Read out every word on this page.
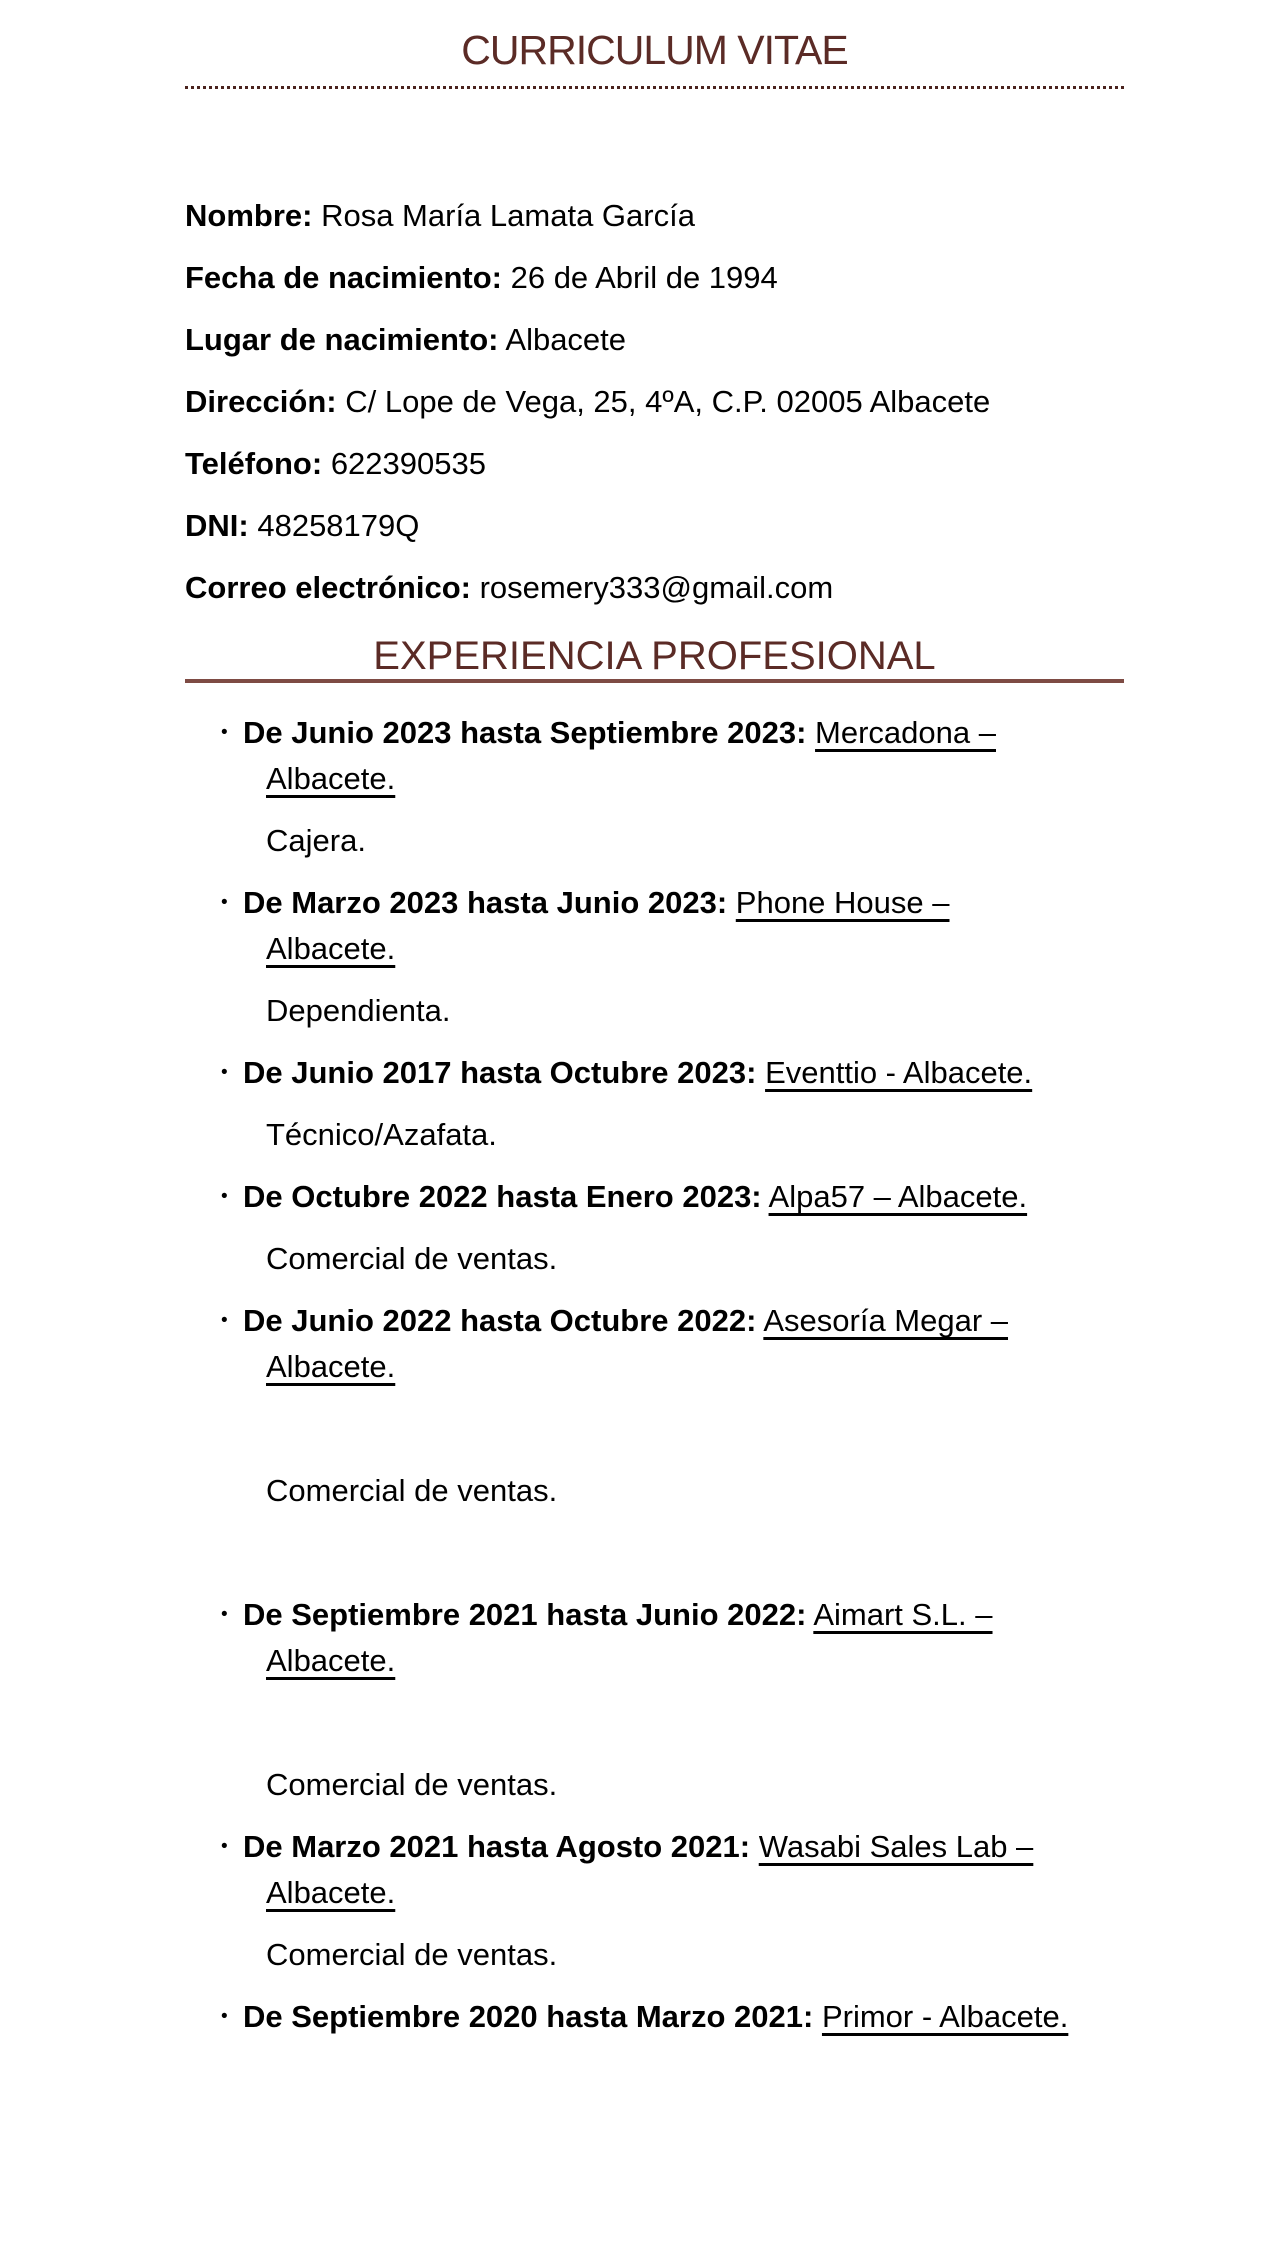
CURRICULUM VITAE

Nombre: Rosa María Lamata García

Fecha de nacimiento: 26 de Abril de 1994

Lugar de nacimiento: Albacete

Dirección: C/ Lope de Vega, 25, 4ºA, C.P. 02005 Albacete

Teléfono: 622390535

DNI: 48258179Q

Correo electrónico: rosemery333@gmail.com

EXPERIENCIA PROFESIONAL

• De Junio 2023 hasta Septiembre 2023: Mercadona – Albacete.

Cajera.

• De Marzo 2023 hasta Junio 2023: Phone House – Albacete.

Dependienta.

• De Junio 2017 hasta Octubre 2023: Eventtio - Albacete.

Técnico/Azafata.

• De Octubre 2022 hasta Enero 2023: Alpa57 – Albacete.

Comercial de ventas.

• De Junio 2022 hasta Octubre 2022: Asesoría Megar – Albacete.

Comercial de ventas.

• De Septiembre 2021 hasta Junio 2022: Aimart S.L. – Albacete.

Comercial de ventas.

• De Marzo 2021 hasta Agosto 2021: Wasabi Sales Lab – Albacete.

Comercial de ventas.

• De Septiembre 2020 hasta Marzo 2021: Primor - Albacete.
